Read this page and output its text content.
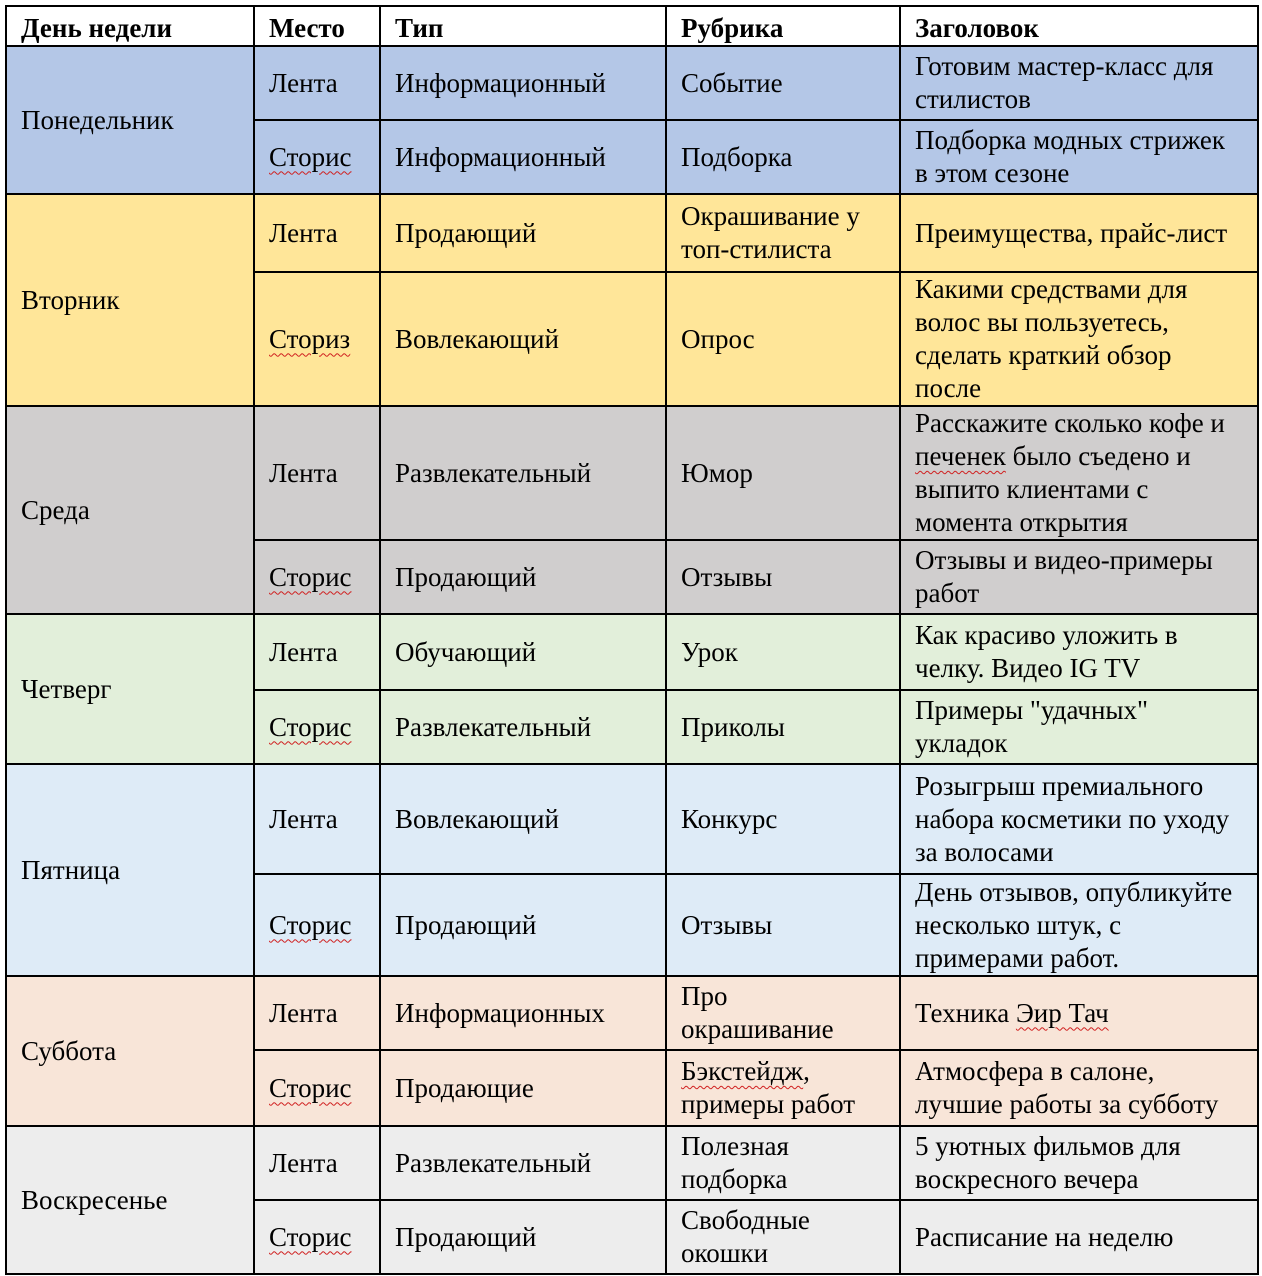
День недели	Место	Тип	Рубрика	Заголовок
Понедельник	Лента	Информационный	Событие	Готовим мастер-класс для стилистов
	Сторис	Информационный	Подборка	Подборка модных стрижек в этом сезоне
Вторник	Лента	Продающий	Окрашивание у топ-стилиста	Преимущества, прайс-лист
	Сториз	Вовлекающий	Опрос	Какими средствами для волос вы пользуетесь, сделать краткий обзор после
Среда	Лента	Развлекательный	Юмор	Расскажите сколько кофе и печенек было съедено и выпито клиентами с момента открытия
	Сторис	Продающий	Отзывы	Отзывы и видео-примеры работ
Четверг	Лента	Обучающий	Урок	Как красиво уложить в челку. Видео IG TV
	Сторис	Развлекательный	Приколы	Примеры "удачных" укладок
Пятница	Лента	Вовлекающий	Конкурс	Розыгрыш премиального набора косметики по уходу за волосами
	Сторис	Продающий	Отзывы	День отзывов, опубликуйте несколько штук, с примерами работ.
Суббота	Лента	Информационных	Про окрашивание	Техника Эир Тач
	Сторис	Продающие	Бэкстейдж, примеры работ	Атмосфера в салоне, лучшие работы за субботу
Воскресенье	Лента	Развлекательный	Полезная подборка	5 уютных фильмов для воскресного вечера
	Сторис	Продающий	Свободные окошки	Расписание на неделю
